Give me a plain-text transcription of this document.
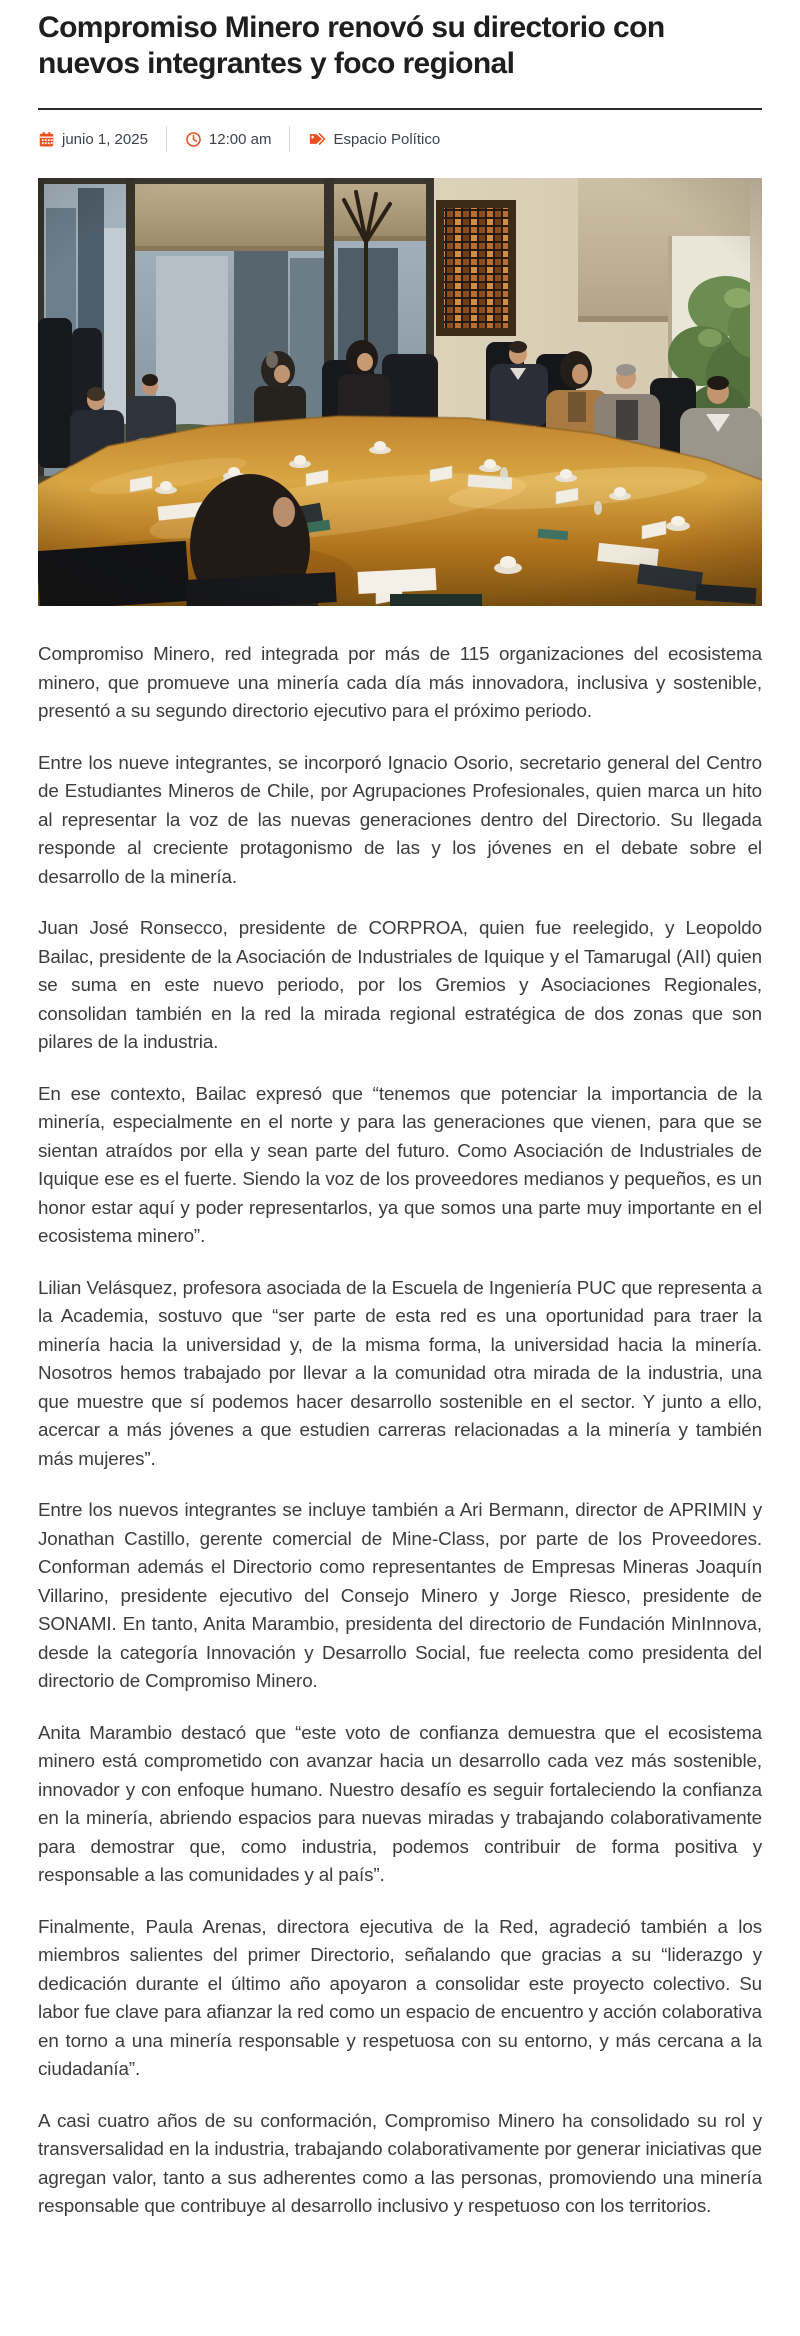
Compromiso Minero renovó su directorio con nuevos integrantes y foco regional
junio 1, 2025	12:00 am	Espacio Político

Compromiso Minero, red integrada por más de 115 organizaciones del ecosistema minero, que promueve una minería cada día más innovadora, inclusiva y sostenible, presentó a su segundo directorio ejecutivo para el próximo periodo.

Entre los nueve integrantes, se incorporó Ignacio Osorio, secretario general del Centro de Estudiantes Mineros de Chile, por Agrupaciones Profesionales, quien marca un hito al representar la voz de las nuevas generaciones dentro del Directorio. Su llegada responde al creciente protagonismo de las y los jóvenes en el debate sobre el desarrollo de la minería.

Juan José Ronsecco, presidente de CORPROA, quien fue reelegido, y Leopoldo Bailac, presidente de la Asociación de Industriales de Iquique y el Tamarugal (AII) quien se suma en este nuevo periodo, por los Gremios y Asociaciones Regionales, consolidan también en la red la mirada regional estratégica de dos zonas que son pilares de la industria.

En ese contexto, Bailac expresó que “tenemos que potenciar la importancia de la minería, especialmente en el norte y para las generaciones que vienen, para que se sientan atraídos por ella y sean parte del futuro. Como Asociación de Industriales de Iquique ese es el fuerte. Siendo la voz de los proveedores medianos y pequeños, es un honor estar aquí y poder representarlos, ya que somos una parte muy importante en el ecosistema minero”.

Lilian Velásquez, profesora asociada de la Escuela de Ingeniería PUC que representa a la Academia, sostuvo que “ser parte de esta red es una oportunidad para traer la minería hacia la universidad y, de la misma forma, la universidad hacia la minería. Nosotros hemos trabajado por llevar a la comunidad otra mirada de la industria, una que muestre que sí podemos hacer desarrollo sostenible en el sector. Y junto a ello, acercar a más jóvenes a que estudien carreras relacionadas a la minería y también más mujeres”.

Entre los nuevos integrantes se incluye también a Ari Bermann, director de APRIMIN y Jonathan Castillo, gerente comercial de Mine-Class, por parte de los Proveedores. Conforman además el Directorio como representantes de Empresas Mineras Joaquín Villarino, presidente ejecutivo del Consejo Minero y Jorge Riesco, presidente de SONAMI. En tanto, Anita Marambio, presidenta del directorio de Fundación MinInnova, desde la categoría Innovación y Desarrollo Social, fue reelecta como presidenta del directorio de Compromiso Minero.

Anita Marambio destacó que “este voto de confianza demuestra que el ecosistema minero está comprometido con avanzar hacia un desarrollo cada vez más sostenible, innovador y con enfoque humano. Nuestro desafío es seguir fortaleciendo la confianza en la minería, abriendo espacios para nuevas miradas y trabajando colaborativamente para demostrar que, como industria, podemos contribuir de forma positiva y responsable a las comunidades y al país”.

Finalmente, Paula Arenas, directora ejecutiva de la Red, agradeció también a los miembros salientes del primer Directorio, señalando que gracias a su “liderazgo y dedicación durante el último año apoyaron a consolidar este proyecto colectivo. Su labor fue clave para afianzar la red como un espacio de encuentro y acción colaborativa en torno a una minería responsable y respetuosa con su entorno, y más cercana a la ciudadanía”.

A casi cuatro años de su conformación, Compromiso Minero ha consolidado su rol y transversalidad en la industria, trabajando colaborativamente por generar iniciativas que agregan valor, tanto a sus adherentes como a las personas, promoviendo una minería responsable que contribuye al desarrollo inclusivo y respetuoso con los territorios.
